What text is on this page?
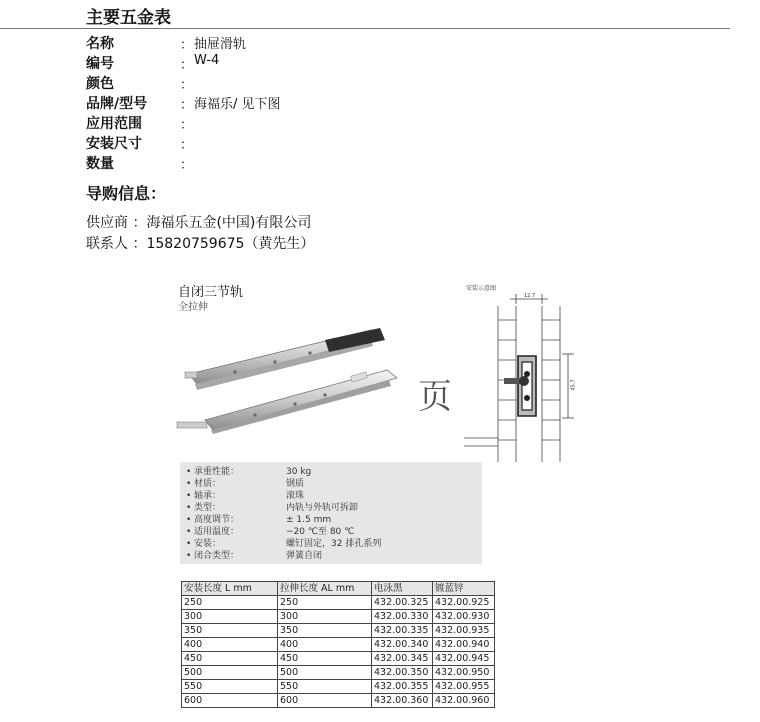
主要五金表
名称	： 抽屉滑轨
编号	： W-4
颜色	：
品牌/型号	： 海福乐/ 见下图
应用范围	：
安装尺寸	：
数量	：
导购信息：
供应商 ：海福乐五金(中国)有限公司
联系人 ：15820759675（黄先生）
自闭三节轨
全拉伸
页
安装示意图
12.7
45.7
• 承重性能：	30 kg
• 材质：	钢质
• 轴承：	滚珠
• 类型：	内轨与外轨可拆卸
• 高度调节：	± 1.5 mm
• 适用温度：	−20 ℃至 80 ℃
• 安装：	螺钉固定，32 排孔系列
• 闭合类型：	弹簧自闭
安装长度 L mm	拉伸长度 AL mm	电泳黑	镀蓝锌
250	250	432.00.325	432.00.925
300	300	432.00.330	432.00.930
350	350	432.00.335	432.00.935
400	400	432.00.340	432.00.940
450	450	432.00.345	432.00.945
500	500	432.00.350	432.00.950
550	550	432.00.355	432.00.955
600	600	432.00.360	432.00.960
